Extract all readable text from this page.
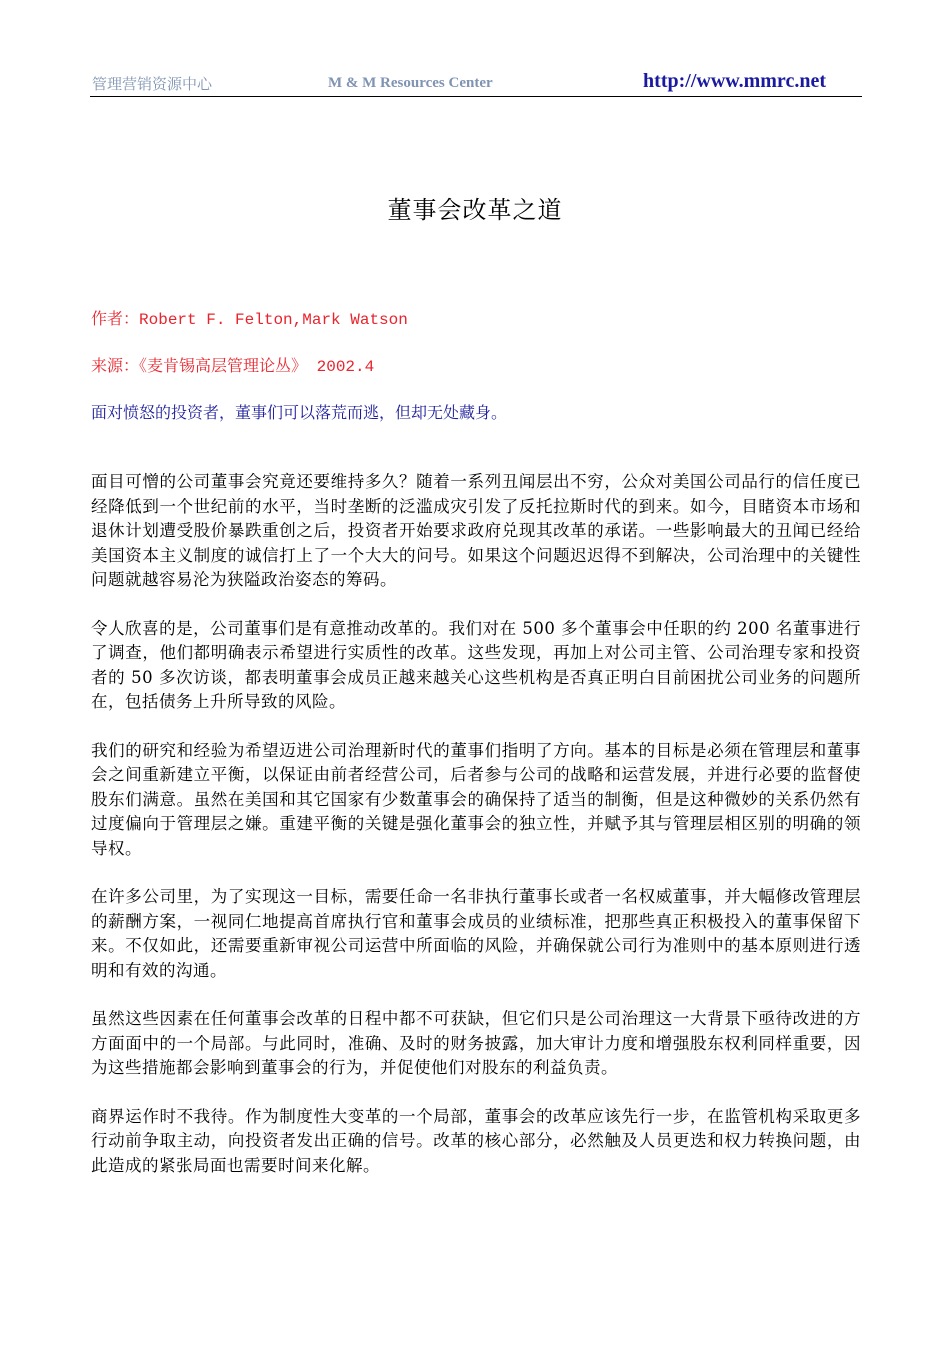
管理营销资源中心	M & M Resources Center	http://www.mmrc.net
董事会改革之道
作者：Robert F. Felton,Mark Watson
来源：《麦肯锡高层管理论丛》 2002.4
面对愤怒的投资者，董事们可以落荒而逃，但却无处藏身。

面目可憎的公司董事会究竟还要维持多久？随着一系列丑闻层出不穷，公众对美国公司品行的信任度已经降低到一个世纪前的水平，当时垄断的泛滥成灾引发了反托拉斯时代的到来。如今，目睹资本市场和退休计划遭受股价暴跌重创之后，投资者开始要求政府兑现其改革的承诺。一些影响最大的丑闻已经给美国资本主义制度的诚信打上了一个大大的问号。如果这个问题迟迟得不到解决，公司治理中的关键性问题就越容易沦为狭隘政治姿态的筹码。

令人欣喜的是，公司董事们是有意推动改革的。我们对在 500 多个董事会中任职的约 200 名董事进行了调查，他们都明确表示希望进行实质性的改革。这些发现，再加上对公司主管、公司治理专家和投资者的 50 多次访谈，都表明董事会成员正越来越关心这些机构是否真正明白目前困扰公司业务的问题所在，包括债务上升所导致的风险。

我们的研究和经验为希望迈进公司治理新时代的董事们指明了方向。基本的目标是必须在管理层和董事会之间重新建立平衡，以保证由前者经营公司，后者参与公司的战略和运营发展，并进行必要的监督使股东们满意。虽然在美国和其它国家有少数董事会的确保持了适当的制衡，但是这种微妙的关系仍然有过度偏向于管理层之嫌。重建平衡的关键是强化董事会的独立性，并赋予其与管理层相区别的明确的领导权。

在许多公司里，为了实现这一目标，需要任命一名非执行董事长或者一名权威董事，并大幅修改管理层的薪酬方案，一视同仁地提高首席执行官和董事会成员的业绩标准，把那些真正积极投入的董事保留下来。不仅如此，还需要重新审视公司运营中所面临的风险，并确保就公司行为准则中的基本原则进行透明和有效的沟通。

虽然这些因素在任何董事会改革的日程中都不可获缺，但它们只是公司治理这一大背景下亟待改进的方方面面中的一个局部。与此同时，准确、及时的财务披露，加大审计力度和增强股东权利同样重要，因为这些措施都会影响到董事会的行为，并促使他们对股东的利益负责。

商界运作时不我待。作为制度性大变革的一个局部，董事会的改革应该先行一步，在监管机构采取更多行动前争取主动，向投资者发出正确的信号。改革的核心部分，必然触及人员更迭和权力转换问题，由此造成的紧张局面也需要时间来化解。
